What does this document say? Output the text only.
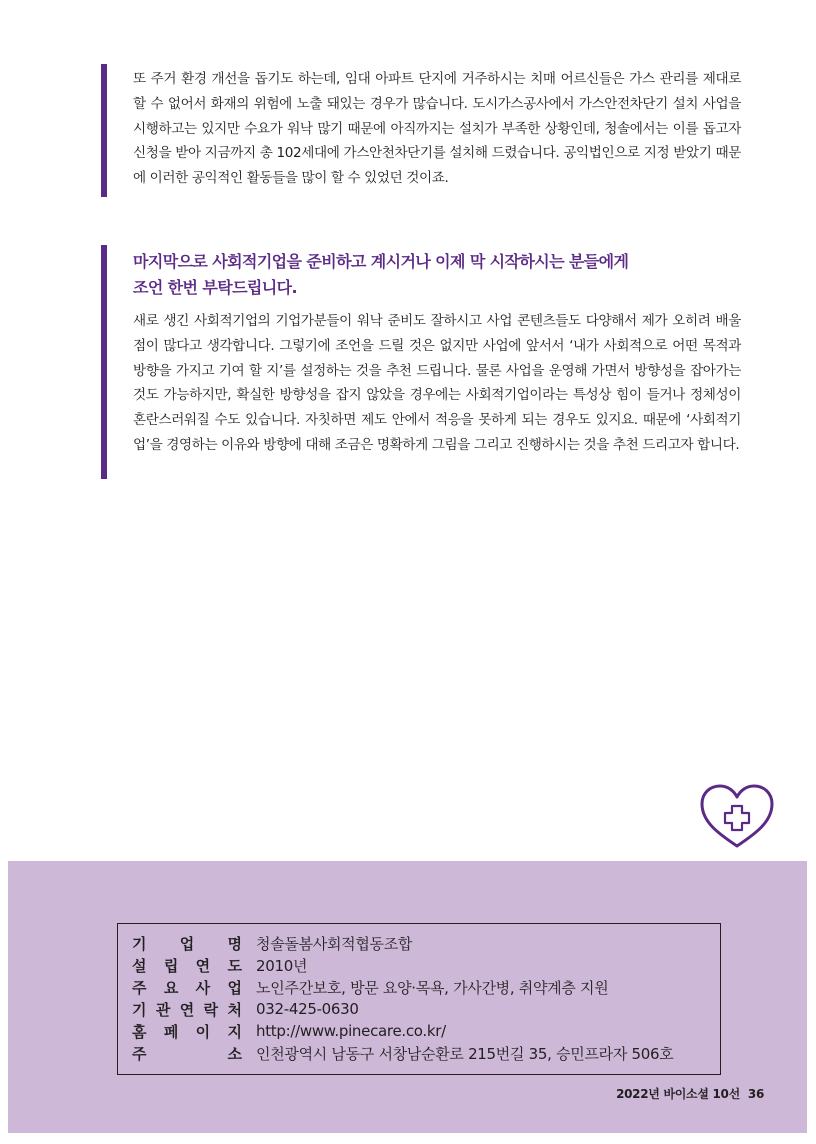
또 주거 환경 개선을 돕기도 하는데, 임대 아파트 단지에 거주하시는 치매 어르신들은 가스 관리를 제대로 할 수 없어서 화재의 위험에 노출 돼있는 경우가 많습니다. 도시가스공사에서 가스안전차단기 설치 사업을 시행하고는 있지만 수요가 워낙 많기 때문에 아직까지는 설치가 부족한 상황인데, 청솔에서는 이를 돕고자 신청을 받아 지금까지 총 102세대에 가스안천차단기를 설치해 드렸습니다. 공익법인으로 지정 받았기 때문에 이러한 공익적인 활동들을 많이 할 수 있었던 것이죠.

마지막으로 사회적기업을 준비하고 계시거나 이제 막 시작하시는 분들에게
조언 한번 부탁드립니다.

새로 생긴 사회적기업의 기업가분들이 워낙 준비도 잘하시고 사업 콘텐츠들도 다양해서 제가 오히려 배울 점이 많다고 생각합니다. 그렇기에 조언을 드릴 것은 없지만 사업에 앞서서 ‘내가 사회적으로 어떤 목적과 방향을 가지고 기여 할 지’를 설정하는 것을 추천 드립니다. 물론 사업을 운영해 가면서 방향성을 잡아가는 것도 가능하지만, 확실한 방향성을 잡지 않았을 경우에는 사회적기업이라는 특성상 힘이 들거나 정체성이 혼란스러워질 수도 있습니다. 자칫하면 제도 안에서 적응을 못하게 되는 경우도 있지요. 때문에 ‘사회적기업’을 경영하는 이유와 방향에 대해 조금은 명확하게 그림을 그리고 진행하시는 것을 추천 드리고자 합니다.

기 업 명 청솔돌봄사회적협동조합
설 립 연 도 2010년
주 요 사 업 노인주간보호, 방문 요양·목욕, 가사간병, 취약계층 지원
기 관 연 락 처 032-425-0630
홈 페 이 지 http://www.pinecare.co.kr/
주	소 인천광역시 남동구 서창남순환로 215번길 35, 승민프라자 506호
2022년 바이소셜 10선 36
